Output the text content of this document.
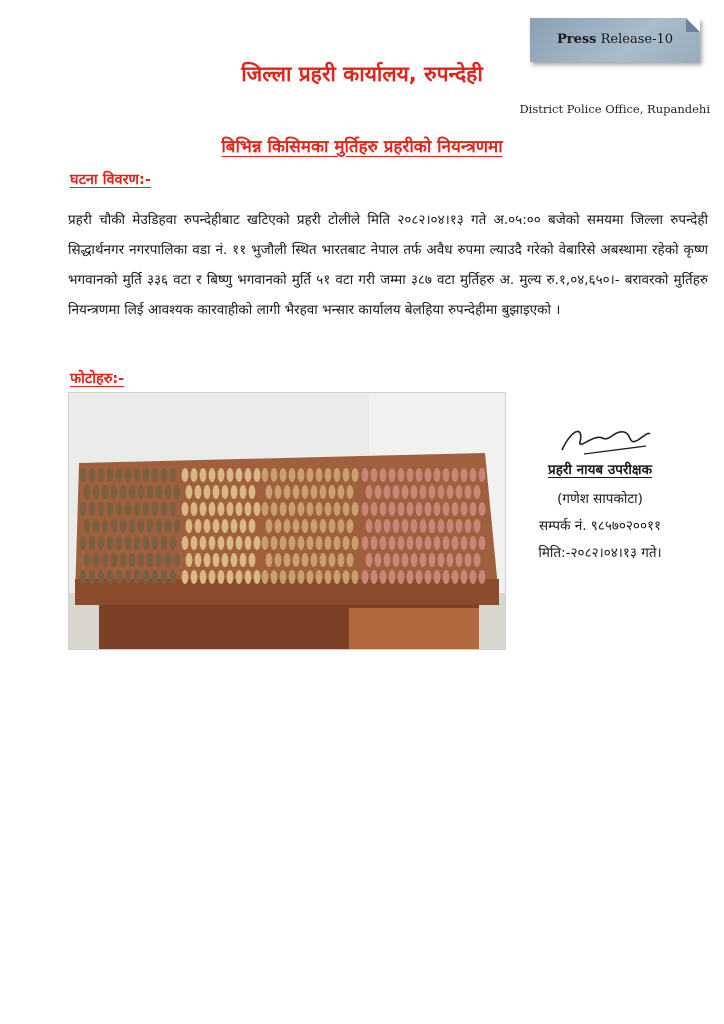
Press Release-10
जिल्ला प्रहरी कार्यालय, रुपन्देही
District Police Office, Rupandehi
बिभिन्न किसिमका मुर्तिहरु प्रहरीको नियन्त्रणमा
घटना विवरण:-
प्रहरी चौकी मेउडिहवा रुपन्देहीबाट खटिएको प्रहरी टोलीले मिति २०८२।०४।१३ गते अ.०५:०० बजेको समयमा जिल्ला रुपन्देही सिद्धार्थनगर नगरपालिका वडा नं. ११ भुजौली स्थित भारतबाट नेपाल तर्फ अवैध रुपमा ल्याउदै गरेको वेबारिसे अबस्थामा रहेको कृष्ण भगवानको मुर्ति ३३६ वटा र बिष्णु भगवानको मुर्ति ५१ वटा गरी जम्मा ३८७ वटा मुर्तिहरु अ. मुल्य रु.१,०४,६५०।- बरावरको मुर्तिहरु नियन्त्रणमा लिई आवश्यक कारवाहीको लागी भैरहवा भन्सार कार्यालय बेलहिया रुपन्देहीमा बुझाइएको ।
फोटोहरु:-
प्रहरी नायब उपरीक्षक
(गणेश सापकोटा)
सम्पर्क नं. ९८५७०२००११
मिति:-२०८२।०४।१३ गते।
